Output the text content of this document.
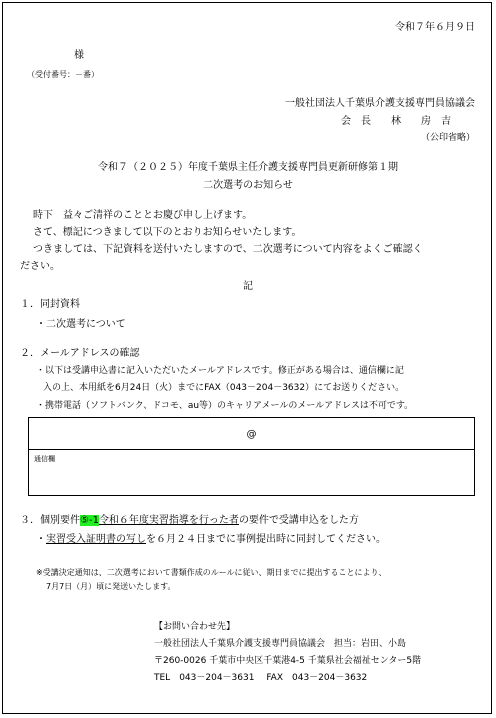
令和７年６月９日
様
（受付番号：－番）
一般社団法人千葉県介護支援専門員協議会
会　長　　林　　房　吉
（公印省略）
令和７（２０２５）年度千葉県主任介護支援専門員更新研修第１期
二次選考のお知らせ
時下　益々ご清祥のこととお慶び申し上げます。
さて、標記につきまして以下のとおりお知らせいたします。
つきましては、下記資料を送付いたしますので、二次選考について内容をよくご確認く
ださい。
記
１．同封資料
・二次選考について
２．メールアドレスの確認
・以下は受講申込書に記入いただいたメールアドレスです。修正がある場合は、通信欄に記
入の上、本用紙を6月24日（火）までにFAX（043－204－3632）にてお送りください。
・携帯電話（ソフトバンク、ドコモ、au等）のキャリアメールのメールアドレスは不可です。
@
通信欄
３．個別要件⑤-1令和６年度実習指導を行った者の要件で受講申込をした方
・実習受入証明書の写しを６月２４日までに事例提出時に同封してください。
※受講決定通知は、二次選考において書類作成のルールに従い、期日までに提出することにより、
7月7日（月）頃に発送いたします。
【お問い合わせ先】
一般社団法人千葉県介護支援専門員協議会　担当：岩田、小島
〒260-0026 千葉市中央区千葉港4-5 千葉県社会福祉センター5階
TEL　043－204－3631　 FAX　043－204－3632
